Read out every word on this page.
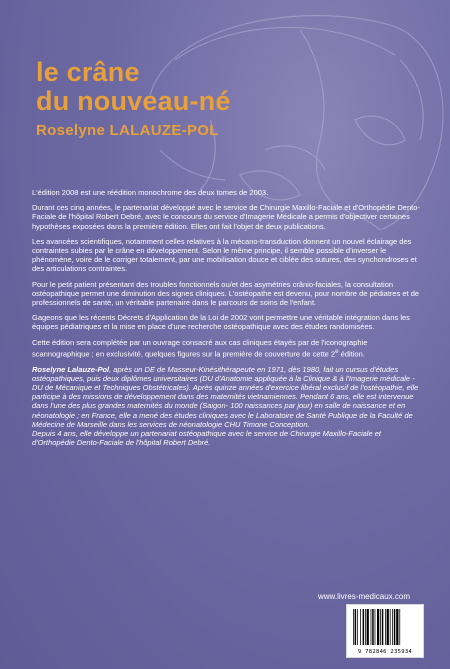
le crâne
du nouveau-né
Roselyne LALAUZE-POL

L'édition 2008 est une réédition monochrome des deux tomes de 2003.

Durant ces cinq années, le partenariat développé avec le service de Chirurgie Maxillo-Faciale et d'Orthopédie Dento-Faciale de l'hôpital Robert Debré, avec le concours du service d'Imagerie Médicale a permis d'objectiver certaines hypothèses exposées dans la première édition. Elles ont fait l'objet de deux publications.

Les avancées scientifiques, notamment celles relatives à la mécano-transduction donnent un nouvel éclairage des contraintes subies par le crâne en développement. Selon le même principe, il semble possible d'inverser le phénomène, voire de le corriger totalement, par une mobilisation douce et ciblée des sutures, des synchondroses et des articulations contraintes.

Pour le petit patient présentant des troubles fonctionnels ou/et des asymétries crânio-faciales, la consultation ostéopathique permet une diminution des signes cliniques. L'ostéopathe est devenu, pour nombre de pédiatres et de professionnels de santé, un véritable partenaire dans le parcours de soins de l'enfant.

Gageons que les récents Décrets d'Application de la Loi de 2002 vont permettre une véritable intégration dans les équipes pédiatriques et la mise en place d'une recherche ostéopathique avec des études randomisées.

Cette édition sera complétée par un ouvrage consacré aux cas cliniques étayés par de l'iconographie scannographique ; en exclusivité, quelques figures sur la première de couverture de cette 2e édition.

Roselyne Lalauze-Pol, après un DE de Masseur-Kinésithérapeute en 1971, dès 1980, fait un cursus d'études ostéopathiques, puis deux diplômes universitaires (DU d'Anatomie appliquée à la Clinique & à l'Imagerie médicale - DU de Mécanique et Techniques Obstétricales). Après quinze années d'exercice libéral exclusif de l'ostéopathie, elle participe à des missions de développement dans des maternités vietnamiennes. Pendant 6 ans, elle est intervenue dans l'une des plus grandes maternités du monde (Saigon- 100 naissances par jour) en salle de naissance et en néonatologie ; en France, elle a mené des études cliniques avec le Laboratoire de Santé Publique de la Faculté de Médecine de Marseille dans les services de néonatologie CHU Timone Conception.
Depuis 4 ans, elle développe un partenariat ostéopathique avec le service de Chirurgie Maxillo-Faciale et d'Orthopédie Dento-Faciale de l'hôpital Robert Debré.

www.livres-medicaux.com
9 782846 235934
